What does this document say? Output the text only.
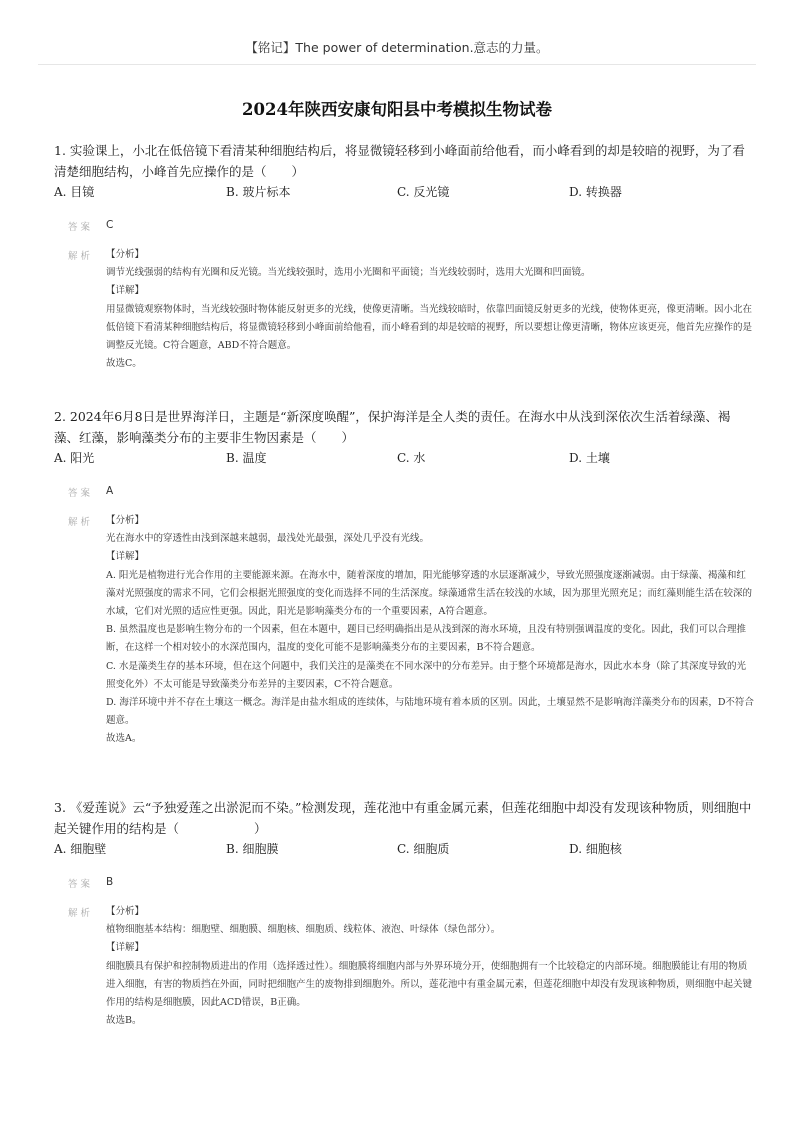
【铭记】The power of determination.意志的力量。
2024年陕西安康旬阳县中考模拟生物试卷

1. 实验课上，小北在低倍镜下看清某种细胞结构后，将显微镜轻移到小峰面前给他看，而小峰看到的却是较暗的视野，为了看清楚细胞结构，小峰首先应操作的是（　　）

A. 目镜	B. 玻片标本	C. 反光镜	D. 转换器
答案 C
解析 【分析】

调节光线强弱的结构有光圈和反光镜。当光线较强时，选用小光圈和平面镜；当光线较弱时，选用大光圈和凹面镜。

【详解】

用显微镜观察物体时，当光线较强时物体能反射更多的光线，使像更清晰。当光线较暗时，依靠凹面镜反射更多的光线，使物体更亮，像更清晰。因小北在低倍镜下看清某种细胞结构后，将显微镜轻移到小峰面前给他看，而小峰看到的却是较暗的视野，所以要想让像更清晰，物体应该更亮，他首先应操作的是调整反光镜。C符合题意，ABD不符合题意。

故选C。

2. 2024年6月8日是世界海洋日，主题是“新深度唤醒”，保护海洋是全人类的责任。在海水中从浅到深依次生活着绿藻、褐藻、红藻，影响藻类分布的主要非生物因素是（　　）

A. 阳光	B. 温度	C. 水	D. 土壤
答案 A
解析 【分析】

光在海水中的穿透性由浅到深越来越弱，最浅处光最强，深处几乎没有光线。

【详解】

A. 阳光是植物进行光合作用的主要能源来源。在海水中，随着深度的增加，阳光能够穿透的水层逐渐减少，导致光照强度逐渐减弱。由于绿藻、褐藻和红藻对光照强度的需求不同，它们会根据光照强度的变化而选择不同的生活深度。绿藻通常生活在较浅的水域，因为那里光照充足；而红藻则能生活在较深的水域，它们对光照的适应性更强。因此，阳光是影响藻类分布的一个重要因素，A符合题意。

B. 虽然温度也是影响生物分布的一个因素，但在本题中，题目已经明确指出是从浅到深的海水环境，且没有特别强调温度的变化。因此，我们可以合理推断，在这样一个相对较小的水深范围内，温度的变化可能不是影响藻类分布的主要因素，B不符合题意。

C. 水是藻类生存的基本环境，但在这个问题中，我们关注的是藻类在不同水深中的分布差异。由于整个环境都是海水，因此水本身（除了其深度导致的光照变化外）不太可能是导致藻类分布差异的主要因素，C不符合题意。

D. 海洋环境中并不存在土壤这一概念。海洋是由盐水组成的连续体，与陆地环境有着本质的区别。因此，土壤显然不是影响海洋藻类分布的因素，D不符合题意。

故选A。

3. 《爱莲说》云“予独爱莲之出淤泥而不染。”检测发现，莲花池中有重金属元素，但莲花细胞中却没有发现该种物质，则细胞中起关键作用的结构是（　　　　　　）

A. 细胞壁	B. 细胞膜	C. 细胞质	D. 细胞核
答案 B
解析 【分析】

植物细胞基本结构：细胞壁、细胞膜、细胞核、细胞质、线粒体、液泡、叶绿体（绿色部分）。

【详解】

细胞膜具有保护和控制物质进出的作用（选择透过性）。细胞膜将细胞内部与外界环境分开，使细胞拥有一个比较稳定的内部环境。细胞膜能让有用的物质进入细胞，有害的物质挡在外面，同时把细胞产生的废物排到细胞外。所以，莲花池中有重金属元素，但莲花细胞中却没有发现该种物质，则细胞中起关键作用的结构是细胞膜，因此ACD错误，B正确。

故选B。
